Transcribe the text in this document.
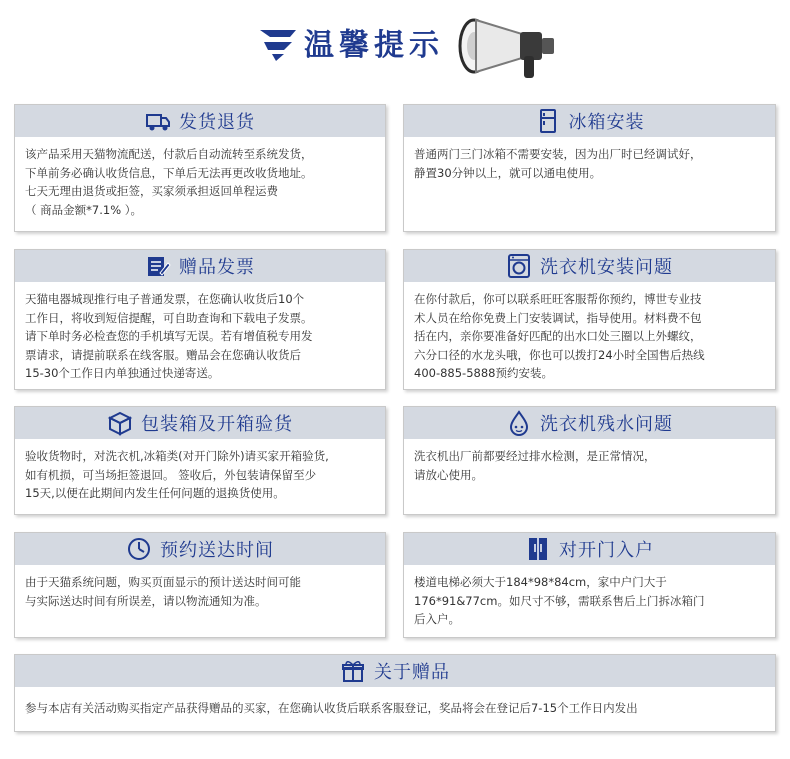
温馨提示
发货退货

该产品采用天猫物流配送，付款后自动流转至系统发货，

下单前务必确认收货信息，下单后无法再更改收货地址。

七天无理由退货或拒签，买家须承担返回单程运费

（ 商品金额*7.1% ）。

冰箱安装

普通两门三门冰箱不需要安装，因为出厂时已经调试好，

静置30分钟以上，就可以通电使用。

赠品发票

天猫电器城现推行电子普通发票，在您确认收货后10个

工作日，将收到短信提醒，可自助查询和下载电子发票。

请下单时务必检查您的手机填写无误。若有增值税专用发

票请求，请提前联系在线客服。赠品会在您确认收货后

15-30个工作日内单独通过快递寄送。

洗衣机安装问题

在你付款后，你可以联系旺旺客服帮你预约，博世专业技

术人员在给你免费上门安装调试，指导使用。材料费不包

括在内，亲你要准备好匹配的出水口处三圈以上外螺纹，

六分口径的水龙头哦，你也可以拨打24小时全国售后热线

400-885-5888预约安装。

包装箱及开箱验货

验收货物时，对洗衣机,冰箱类(对开门除外)请买家开箱验货,

如有机损，可当场拒签退回。 签收后，外包装请保留至少

15天,以便在此期间内发生任何问题的退换货使用。

洗衣机残水问题

洗衣机出厂前都要经过排水检测，是正常情况，

请放心使用。

预约送达时间

由于天猫系统问题，购买页面显示的预计送达时间可能

与实际送达时间有所误差，请以物流通知为准。

对开门入户

楼道电梯必须大于184*98*84cm，家中户门大于

176*91&77cm。如尺寸不够，需联系售后上门拆冰箱门

后入户。

关于赠品

参与本店有关活动购买指定产品获得赠品的买家，在您确认收货后联系客服登记，奖品将会在登记后7-15个工作日内发出
